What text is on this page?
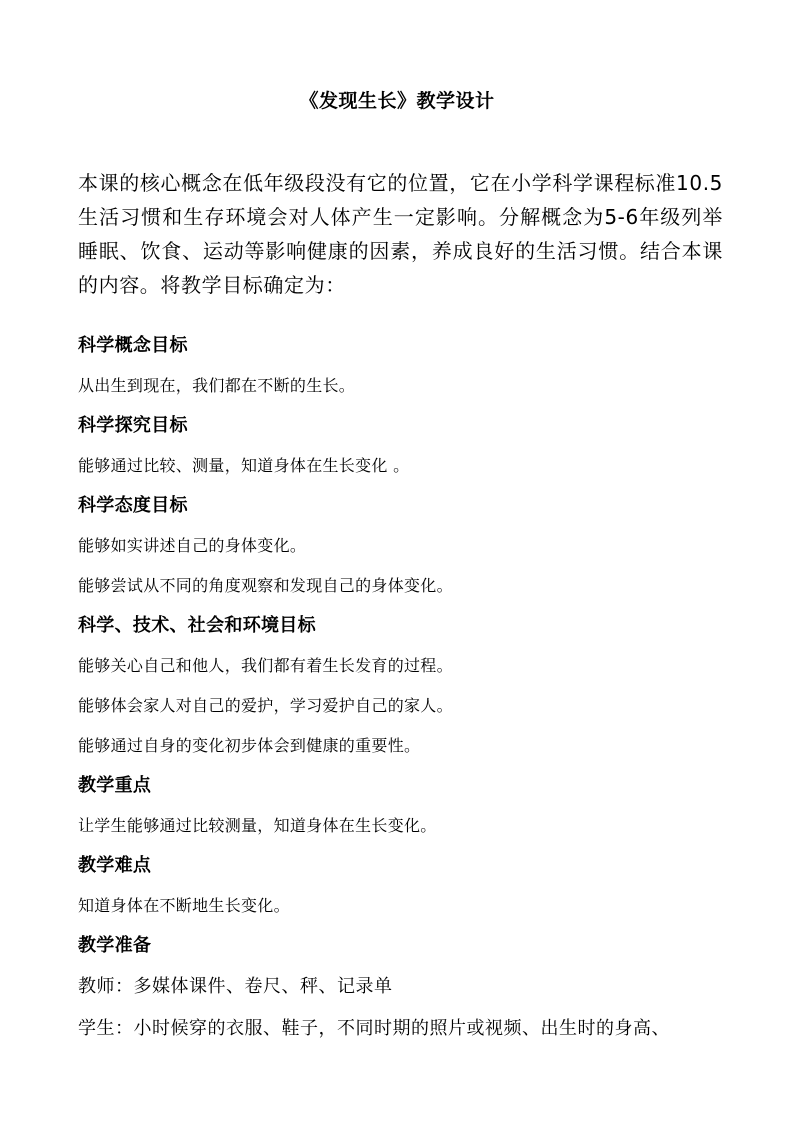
《发现生长》教学设计
本课的核心概念在低年级段没有它的位置，它在小学科学课程标准10.5生活习惯和生存环境会对人体产生一定影响。分解概念为5-6年级列举睡眠、饮食、运动等影响健康的因素，养成良好的生活习惯。结合本课的内容。将教学目标确定为：
科学概念目标
从出生到现在，我们都在不断的生长。
科学探究目标
能够通过比较、测量，知道身体在生长变化 。
科学态度目标
能够如实讲述自己的身体变化。
能够尝试从不同的角度观察和发现自己的身体变化。
科学、技术、社会和环境目标
能够关心自己和他人，我们都有着生长发育的过程。
能够体会家人对自己的爱护，学习爱护自己的家人。
能够通过自身的变化初步体会到健康的重要性。
教学重点
让学生能够通过比较测量，知道身体在生长变化。
教学难点
知道身体在不断地生长变化。
教学准备
教师：多媒体课件、卷尺、秤、记录单
学生：小时候穿的衣服、鞋子，不同时期的照片或视频、出生时的身高、
